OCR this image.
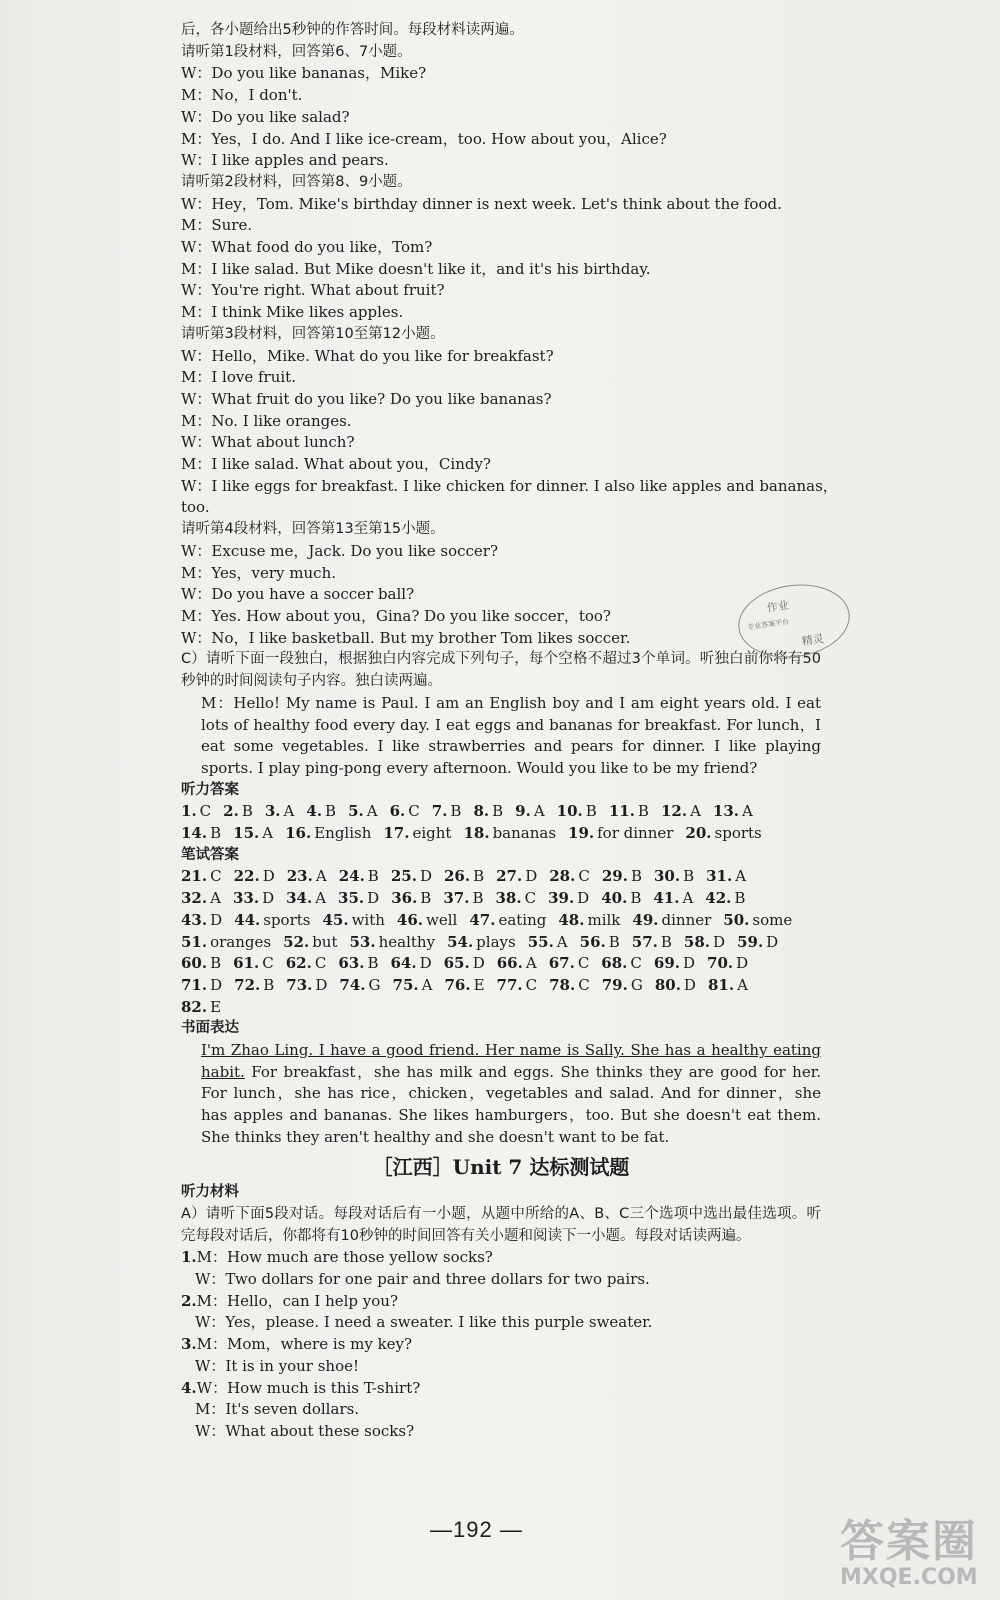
后，各小题给出5秒钟的作答时间。每段材料读两遍。
请听第1段材料，回答第6、7小题。
W：Do you like bananas，Mike?
M：No，I don't.
W：Do you like salad?
M：Yes，I do. And I like ice-cream，too. How about you，Alice?
W：I like apples and pears.
请听第2段材料，回答第8、9小题。
W：Hey，Tom. Mike's birthday dinner is next week. Let's think about the food.
M：Sure.
W：What food do you like，Tom?
M：I like salad. But Mike doesn't like it，and it's his birthday.
W：You're right. What about fruit?
M：I think Mike likes apples.
请听第3段材料，回答第10至第12小题。
W：Hello，Mike. What do you like for breakfast?
M：I love fruit.
W：What fruit do you like? Do you like bananas?
M：No. I like oranges.
W：What about lunch?
M：I like salad. What about you，Cindy?
W：I like eggs for breakfast. I like chicken for dinner. I also like apples and bananas，
too.
请听第4段材料，回答第13至第15小题。
W：Excuse me，Jack. Do you like soccer?
M：Yes，very much.
W：Do you have a soccer ball?
M：Yes. How about you，Gina? Do you like soccer，too?
W：No，I like basketball. But my brother Tom likes soccer.
C）请听下面一段独白，根据独白内容完成下列句子，每个空格不超过3个单词。听独白前你将有50秒钟的时间阅读句子内容。独白读两遍。
M：Hello! My name is Paul. I am an English boy and I am eight years old. I eat lots of healthy food every day. I eat eggs and bananas for breakfast. For lunch，I eat some vegetables. I like strawberries and pears for dinner. I like playing sports. I play ping-pong every afternoon. Would you like to be my friend?
听力答案
1. C 2. B 3. A 4. B 5. A 6. C 7. B 8. B 9. A 10. B 11. B 12. A 13. A
14. B 15. A 16. English 17. eight 18. bananas 19. for dinner 20. sports
笔试答案
21. C 22. D 23. A 24. B 25. D 26. B 27. D 28. C 29. B 30. B 31. A
32. A 33. D 34. A 35. D 36. B 37. B 38. C 39. D 40. B 41. A 42. B
43. D 44. sports 45. with 46. well 47. eating 48. milk 49. dinner 50. some
51. oranges 52. but 53. healthy 54. plays 55. A 56. B 57. B 58. D 59. D
60. B 61. C 62. C 63. B 64. D 65. D 66. A 67. C 68. C 69. D 70. D
71. D 72. B 73. D 74. G 75. A 76. E 77. C 78. C 79. G 80. D 81. A
82. E
书面表达
I'm Zhao Ling. I have a good friend. Her name is Sally. She has a healthy eating habit. For breakfast，she has milk and eggs. She thinks they are good for her. For lunch，she has rice，chicken，vegetables and salad. And for dinner，she has apples and bananas. She likes hamburgers，too. But she doesn't eat them. She thinks they aren't healthy and she doesn't want to be fat.
［江西］Unit 7 达标测试题
听力材料
A）请听下面5段对话。每段对话后有一小题，从题中所给的A、B、C三个选项中选出最佳选项。听完每段对话后，你都将有10秒钟的时间回答有关小题和阅读下一小题。每段对话读两遍。
1.M：How much are those yellow socks?
W：Two dollars for one pair and three dollars for two pairs.
2.M：Hello，can I help you?
W：Yes，please. I need a sweater. I like this purple sweater.
3.M：Mom，where is my key?
W：It is in your shoe!
4.W：How much is this T-shirt?
M：It's seven dollars.
W：What about these socks?
作业
专业答案平台
精灵
—192 —	答案圈
MXQE.COM
